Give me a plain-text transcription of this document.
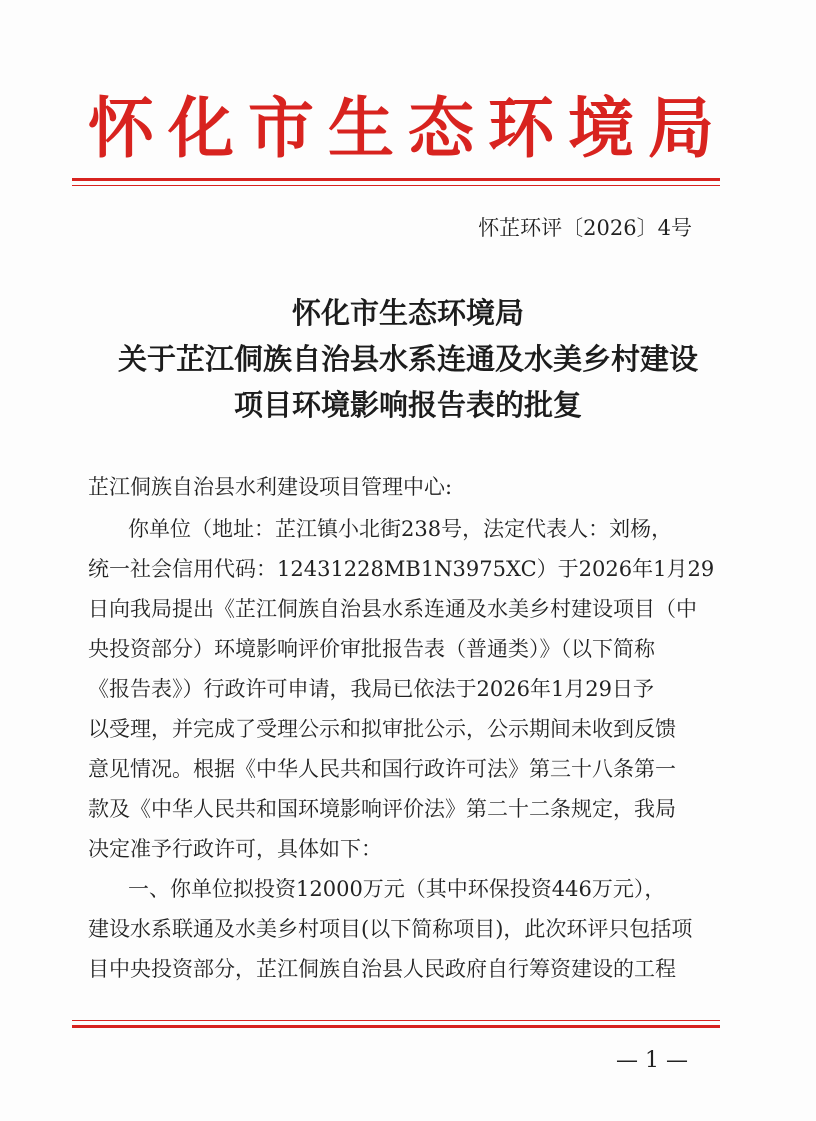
怀化市生态环境局
怀芷环评〔2026〕4号
怀化市生态环境局
关于芷江侗族自治县水系连通及水美乡村建设
项目环境影响报告表的批复
芷江侗族自治县水利建设项目管理中心:
你单位（地址：芷江镇小北街238号，法定代表人：刘杨，
统一社会信用代码：12431228MB1N3975XC）于2026年1月29
日向我局提出《芷江侗族自治县水系连通及水美乡村建设项目（中
央投资部分）环境影响评价审批报告表（普通类）》（以下简称
《报告表》）行政许可申请，我局已依法于2026年1月29日予
以受理，并完成了受理公示和拟审批公示，公示期间未收到反馈
意见情况。根据《中华人民共和国行政许可法》第三十八条第一
款及《中华人民共和国环境影响评价法》第二十二条规定，我局
决定准予行政许可，具体如下：
一、你单位拟投资12000万元（其中环保投资446万元），
建设水系联通及水美乡村项目(以下简称项目)，此次环评只包括项
目中央投资部分，芷江侗族自治县人民政府自行筹资建设的工程
— 1 —
